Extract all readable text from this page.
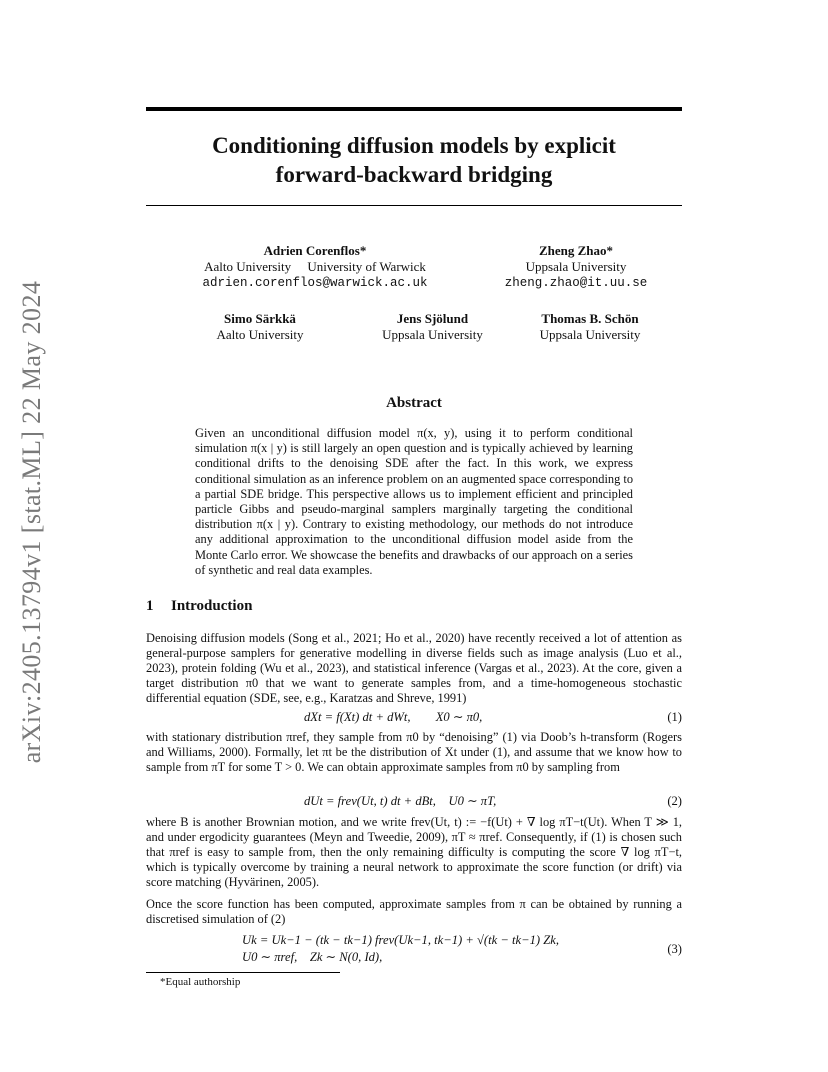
arXiv:2405.13794v1 [stat.ML] 22 May 2024
Conditioning diffusion models by explicit
forward-backward bridging
Adrien Corenflos*
Aalto University     University of Warwick
adrien.corenflos@warwick.ac.uk
Zheng Zhao*
Uppsala University
zheng.zhao@it.uu.se
Simo Särkkä
Aalto University
Jens Sjölund
Uppsala University
Thomas B. Schön
Uppsala University
Abstract
Given an unconditional diffusion model π(x, y), using it to perform conditional simulation π(x | y) is still largely an open question and is typically achieved by learning conditional drifts to the denoising SDE after the fact. In this work, we express conditional simulation as an inference problem on an augmented space corresponding to a partial SDE bridge. This perspective allows us to implement efficient and principled particle Gibbs and pseudo-marginal samplers marginally targeting the conditional distribution π(x | y). Contrary to existing methodology, our methods do not introduce any additional approximation to the unconditional diffusion model aside from the Monte Carlo error. We showcase the benefits and drawbacks of our approach on a series of synthetic and real data examples.
1 Introduction
Denoising diffusion models (Song et al., 2021; Ho et al., 2020) have recently received a lot of attention as general-purpose samplers for generative modelling in diverse fields such as image analysis (Luo et al., 2023), protein folding (Wu et al., 2023), and statistical inference (Vargas et al., 2023). At the core, given a target distribution π0 that we want to generate samples from, and a time-homogeneous stochastic differential equation (SDE, see, e.g., Karatzas and Shreve, 1991)
dXt = f(Xt) dt + dWt,        X0 ∼ π0,	(1)
with stationary distribution πref, they sample from π0 by “denoising” (1) via Doob’s h-transform (Rogers and Williams, 2000). Formally, let πt be the distribution of Xt under (1), and assume that we know how to sample from πT for some T > 0. We can obtain approximate samples from π0 by sampling from
dUt = frev(Ut, t) dt + dBt,    U0 ∼ πT,	(2)
where B is another Brownian motion, and we write frev(Ut, t) := −f(Ut) + ∇ log πT−t(Ut). When T ≫ 1, and under ergodicity guarantees (Meyn and Tweedie, 2009), πT ≈ πref. Consequently, if (1) is chosen such that πref is easy to sample from, then the only remaining difficulty is computing the score ∇ log πT−t, which is typically overcome by training a neural network to approximate the score function (or drift) via score matching (Hyvärinen, 2005).
Once the score function has been computed, approximate samples from π can be obtained by running a discretised simulation of (2)
Uk = Uk−1 − (tk − tk−1) frev(Uk−1, tk−1) + √(tk − tk−1) Zk,
U0 ∼ πref,    Zk ∼ N(0, Id),
(3)
*Equal authorship
